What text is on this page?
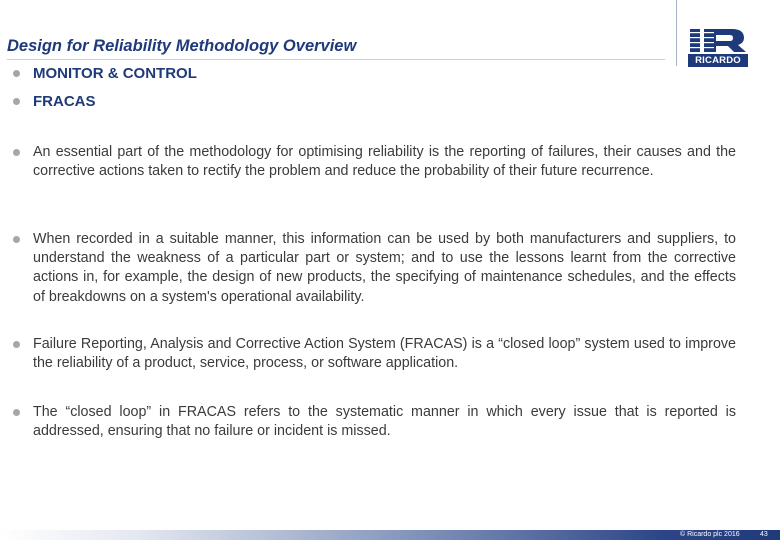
Design for Reliability Methodology Overview
RICARDO
MONITOR & CONTROL
FRACAS
An essential part of the methodology for optimising reliability is the reporting of failures, their causes and the corrective actions taken to rectify the problem and reduce the probability of their future recurrence.
When recorded in a suitable manner, this information can be used by both manufacturers and suppliers, to understand the weakness of a particular part or system; and to use the lessons learnt from the corrective actions in, for example, the design of new products, the specifying of maintenance schedules, and the effects of breakdowns on a system's operational availability.
Failure Reporting, Analysis and Corrective Action System (FRACAS) is a “closed loop” system used to improve the reliability of a product, service, process, or software application.
The “closed loop” in FRACAS refers to the systematic manner in which every issue that is reported is addressed, ensuring that no failure or incident is missed.
© Ricardo plc 2016	43
